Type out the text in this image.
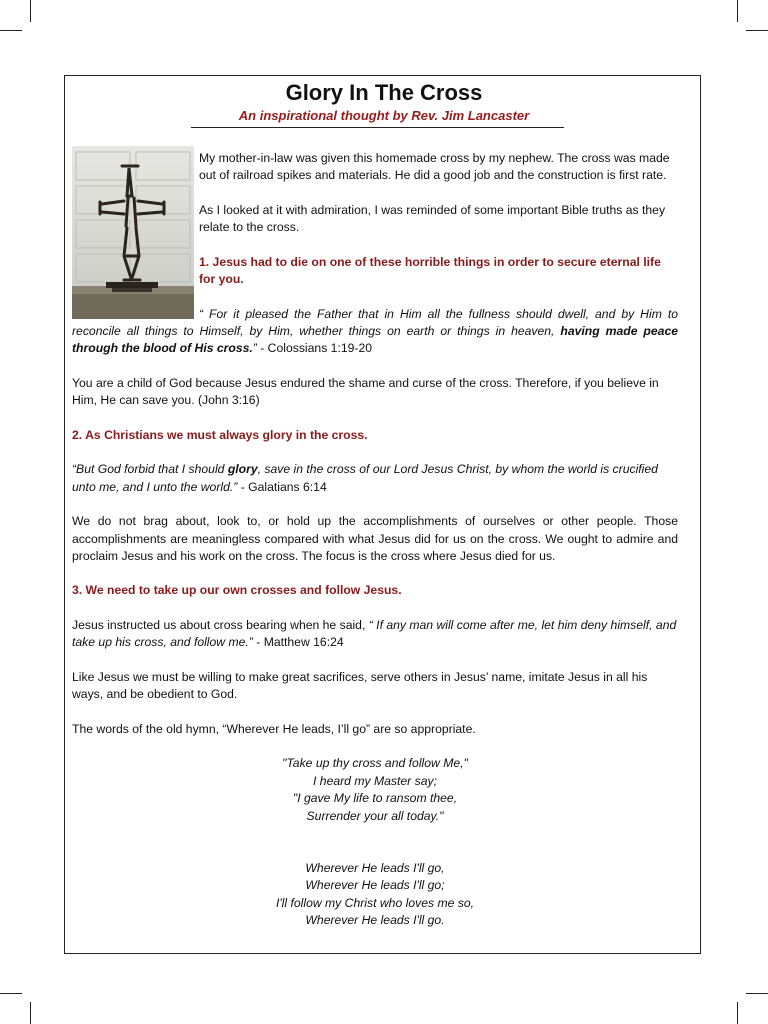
Glory In The Cross
An inspirational thought by Rev. Jim Lancaster

My mother-in-law was given this homemade cross by my nephew. The cross was made out of railroad spikes and materials. He did a good job and the construction is first rate.

As I looked at it with admiration, I was reminded of some important Bible truths as they relate to the cross.

1. Jesus had to die on one of these horrible things in order to secure eternal life for you.

“ For it pleased the Father that in Him all the fullness should dwell, and by Him to reconcile all things to Himself, by Him, whether things on earth or things in heaven, having made peace through the blood of His cross.” - Colossians 1:19-20

You are a child of God because Jesus endured the shame and curse of the cross. Therefore, if you believe in Him, He can save you. (John 3:16)

2. As Christians we must always glory in the cross.

“But God forbid that I should glory, save in the cross of our Lord Jesus Christ, by whom the world is crucified unto me, and I unto the world.” - Galatians 6:14

We do not brag about, look to, or hold up the accomplishments of ourselves or other people. Those accomplishments are meaningless compared with what Jesus did for us on the cross. We ought to admire and proclaim Jesus and his work on the cross. The focus is the cross where Jesus died for us.

3. We need to take up our own crosses and follow Jesus.

Jesus instructed us about cross bearing when he said, “ If any man will come after me, let him deny himself, and take up his cross, and follow me.” - Matthew 16:24

Like Jesus we must be willing to make great sacrifices, serve others in Jesus’ name, imitate Jesus in all his ways, and be obedient to God.

The words of the old hymn, “Wherever He leads, I’ll go” are so appropriate.

"Take up thy cross and follow Me,"
I heard my Master say;
"I gave My life to ransom thee,
Surrender your all today."

Wherever He leads I'll go,
Wherever He leads I'll go;
I'll follow my Christ who loves me so,
Wherever He leads I'll go.
